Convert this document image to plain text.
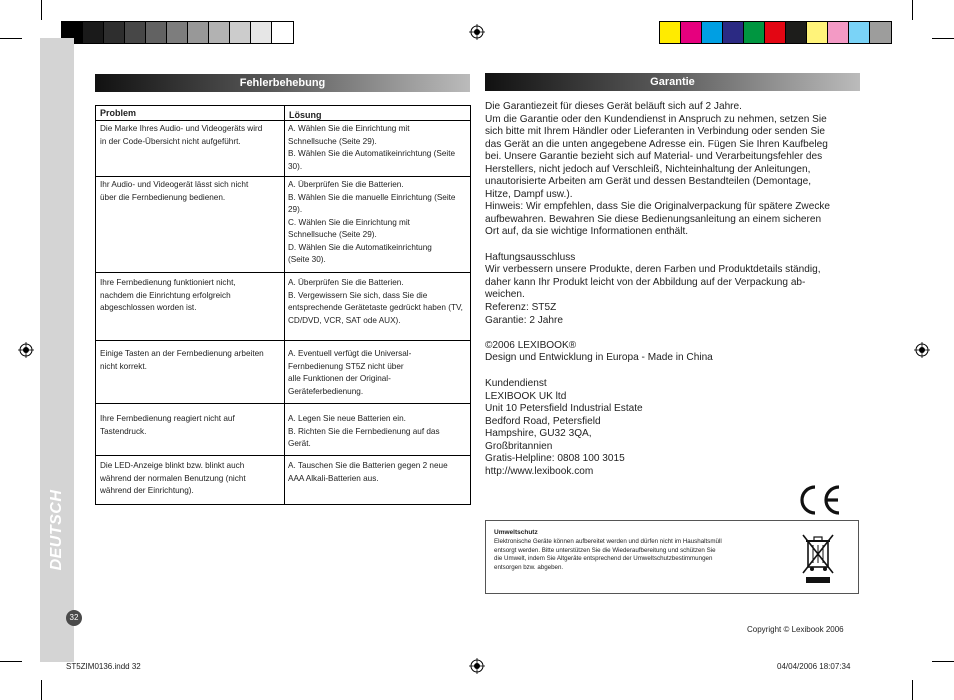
DEUTSCH
32
Fehlerbehebung
Problem	Lösung
Die Marke Ihres Audio- und Videogeräts wird
in der Code-Übersicht nicht aufgeführt.
A. Wählen Sie die Einrichtung mit
Schnellsuche (Seite 29).
B. Wählen Sie die Automatikeinrichtung (Seite
30).
Ihr Audio- und Videogerät lässt sich nicht
über die Fernbedienung bedienen.
A. Überprüfen Sie die Batterien.
B. Wählen Sie die manuelle Einrichtung (Seite
29).
C. Wählen Sie die Einrichtung mit
Schnellsuche (Seite 29).
D. Wählen Sie die Automatikeinrichtung
(Seite 30).
Ihre Fernbedienung funktioniert nicht,
nachdem die Einrichtung erfolgreich
abgeschlossen worden ist.
A. Überprüfen Sie die Batterien.
B. Vergewissern Sie sich, dass Sie die
entsprechende Gerätetaste gedrückt haben (TV,
CD/DVD, VCR, SAT ode AUX).
Einige Tasten an der Fernbedienung arbeiten
nicht korrekt.
A. Eventuell verfügt die Universal-
Fernbedienung ST5Z nicht über
alle Funktionen der Original-
Geräteferbedienung.
Ihre Fernbedienung reagiert nicht auf
Tastendruck.
A. Legen Sie neue Batterien ein.
B. Richten Sie die Fernbedienung auf das
Gerät.
Die LED-Anzeige blinkt bzw. blinkt auch
während der normalen Benutzung (nicht
während der Einrichtung).
A. Tauschen Sie die Batterien gegen 2 neue
AAA Alkali-Batterien aus.
Garantie
Die Garantiezeit für dieses Gerät beläuft sich auf 2 Jahre.
Um die Garantie oder den Kundendienst in Anspruch zu nehmen, setzen Sie
sich bitte mit Ihrem Händler oder Lieferanten in Verbindung oder senden Sie
das Gerät an die unten angegebene Adresse ein. Fügen Sie Ihren Kaufbeleg
bei. Unsere Garantie bezieht sich auf Material- und Verarbeitungsfehler des
Herstellers, nicht jedoch auf Verschleiß, Nichteinhaltung der Anleitungen,
unautorisierte Arbeiten am Gerät und dessen Bestandteilen (Demontage,
Hitze, Dampf usw.).
Hinweis: Wir empfehlen, dass Sie die Originalverpackung für spätere Zwecke
aufbewahren. Bewahren Sie diese Bedienungsanleitung an einem sicheren
Ort auf, da sie wichtige Informationen enthält.
Haftungsausschluss
Wir verbessern unsere Produkte, deren Farben und Produktdetails ständig,
daher kann Ihr Produkt leicht von der Abbildung auf der Verpackung ab-
weichen.
Referenz: ST5Z
Garantie: 2 Jahre
©2006 LEXIBOOK®
Design und Entwicklung in Europa - Made in China
Kundendienst
LEXIBOOK UK ltd
Unit 10 Petersfield Industrial Estate
Bedford Road, Petersfield
Hampshire, GU32 3QA,
Großbritannien
Gratis-Helpline: 0808 100 3015
http://www.lexibook.com
Umweltschutz
Elektronische Geräte können aufbereitet werden und dürfen nicht im Haushaltsmüll
entsorgt werden. Bitte unterstützen Sie die Wiederaufbereitung und schützen Sie
die Umwelt, indem Sie Altgeräte entsprechend der Umweltschutzbestimmungen
entsorgen bzw. abgeben.
Copyright © Lexibook 2006
ST5ZIM0136.indd 32	04/04/2006 18:07:34
